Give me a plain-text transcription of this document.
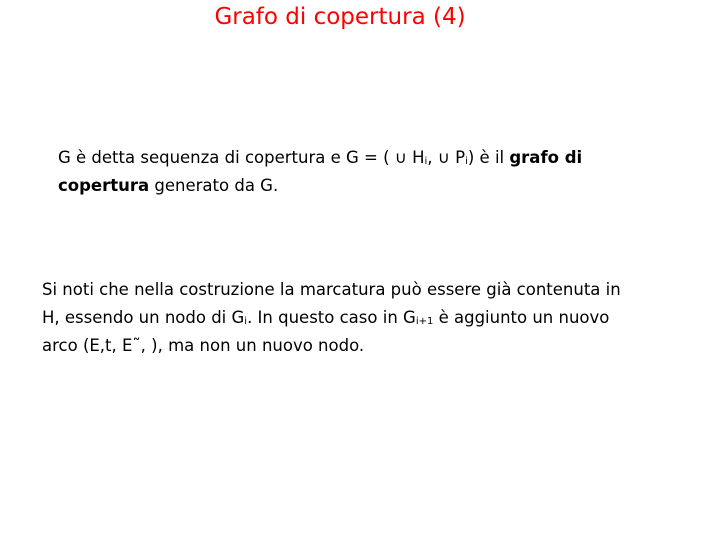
Grafo di copertura (4)

G è detta sequenza di copertura e G = ( ∪ $H_i$, ∪ $P_i$) è il grafo di
copertura generato da G.

Si noti che nella costruzione la marcatura può essere già contenuta in
H, essendo un nodo di $G_i$. In questo caso in $G_{i+1}$ è aggiunto un nuovo
arco (E,t, E˜, ), ma non un nuovo nodo.
